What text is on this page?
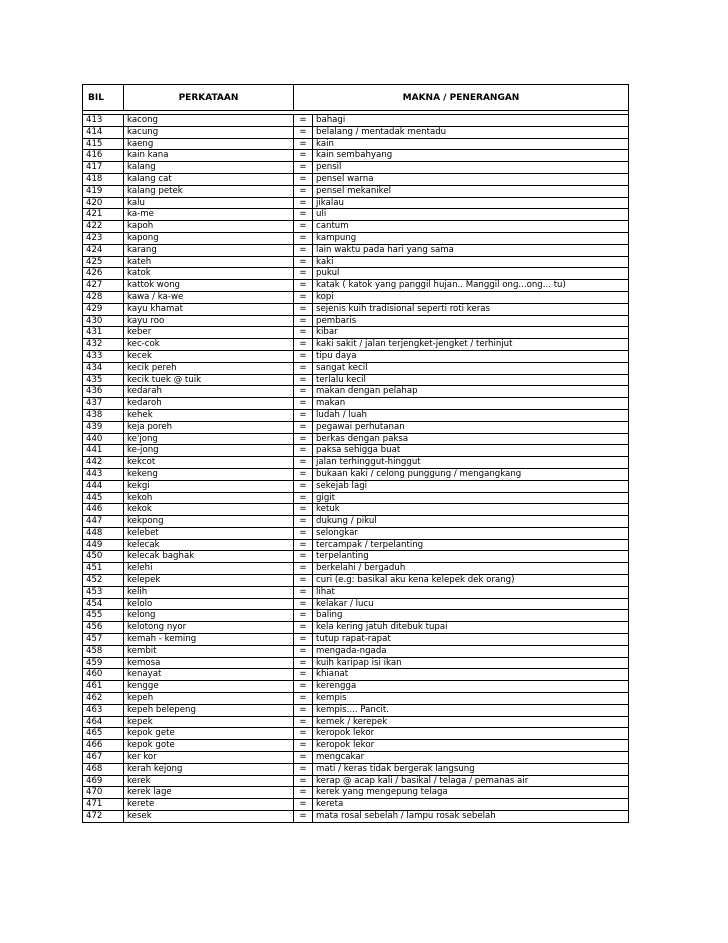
BIL	PERKATAAN	MAKNA / PENERANGAN	

413	kacong	=	bahagi
414	kacung	=	belalang / mentadak mentadu
415	kaeng	=	kain
416	kain kana	=	kain sembahyang
417	kalang	=	pensil
418	kalang cat	=	pensel warna
419	kalang petek	=	pensel mekanikel
420	kalu	=	jikalau
421	ka-me	=	uli
422	kapoh	=	cantum
423	kapong	=	kampung
424	karang	=	lain waktu pada hari yang sama
425	kateh	=	kaki
426	katok	=	pukul
427	kattok wong	=	katak ( katok yang panggil hujan.. Manggil ong...ong... tu)
428	kawa / ka-we	=	kopi
429	kayu khamat	=	sejenis kuih tradisional seperti roti keras
430	kayu roo	=	pembaris
431	keber	=	kibar
432	kec-cok	=	kaki sakit / jalan terjengket-jengket / terhinjut
433	kecek	=	tipu daya
434	kecik pereh	=	sangat kecil
435	kecik tuek @ tuik	=	terlalu kecil
436	kedarah	=	makan dengan pelahap
437	kedaroh	=	makan
438	kehek	=	ludah / luah
439	keja poreh	=	pegawai perhutanan
440	ke'jong	=	berkas dengan paksa
441	ke-jong	=	paksa sehigga buat
442	kekcot	=	jalan terhinggut-hinggut
443	kekeng	=	bukaan kaki / celong punggung / mengangkang
444	kekgi	=	sekejab lagi
445	kekoh	=	gigit
446	kekok	=	ketuk
447	kekpong	=	dukung / pikul
448	kelebet	=	selongkar
449	kelecak	=	tercampak / terpelanting
450	kelecak baghak	=	terpelanting
451	kelehi	=	berkelahi / bergaduh
452	kelepek	=	curi (e.g: basikal aku kena kelepek dek orang)
453	kelih	=	lihat
454	kelolo	=	kelakar / lucu
455	kelong	=	baling
456	kelotong nyor	=	kela kering jatuh ditebuk tupai
457	kemah - keming	=	tutup rapat-rapat
458	kembit	=	mengada-ngada
459	kemosa	=	kuih karipap isi ikan
460	kenayat	=	khianat
461	kengge	=	kerengga
462	kepeh	=	kempis
463	kepeh belepeng	=	kempis.... Pancit.
464	kepek	=	kemek / kerepek
465	kepok gete	=	keropok lekor
466	kepok gote	=	keropok lekor
467	ker kor	=	mengcakar
468	kerah kejong	=	mati / keras tidak bergerak langsung
469	kerek	=	kerap @ acap kali / basikal / telaga / pemanas air
470	kerek lage	=	kerek yang mengepung telaga
471	kerete	=	kereta
472	kesek	=	mata rosal sebelah / lampu rosak sebelah
